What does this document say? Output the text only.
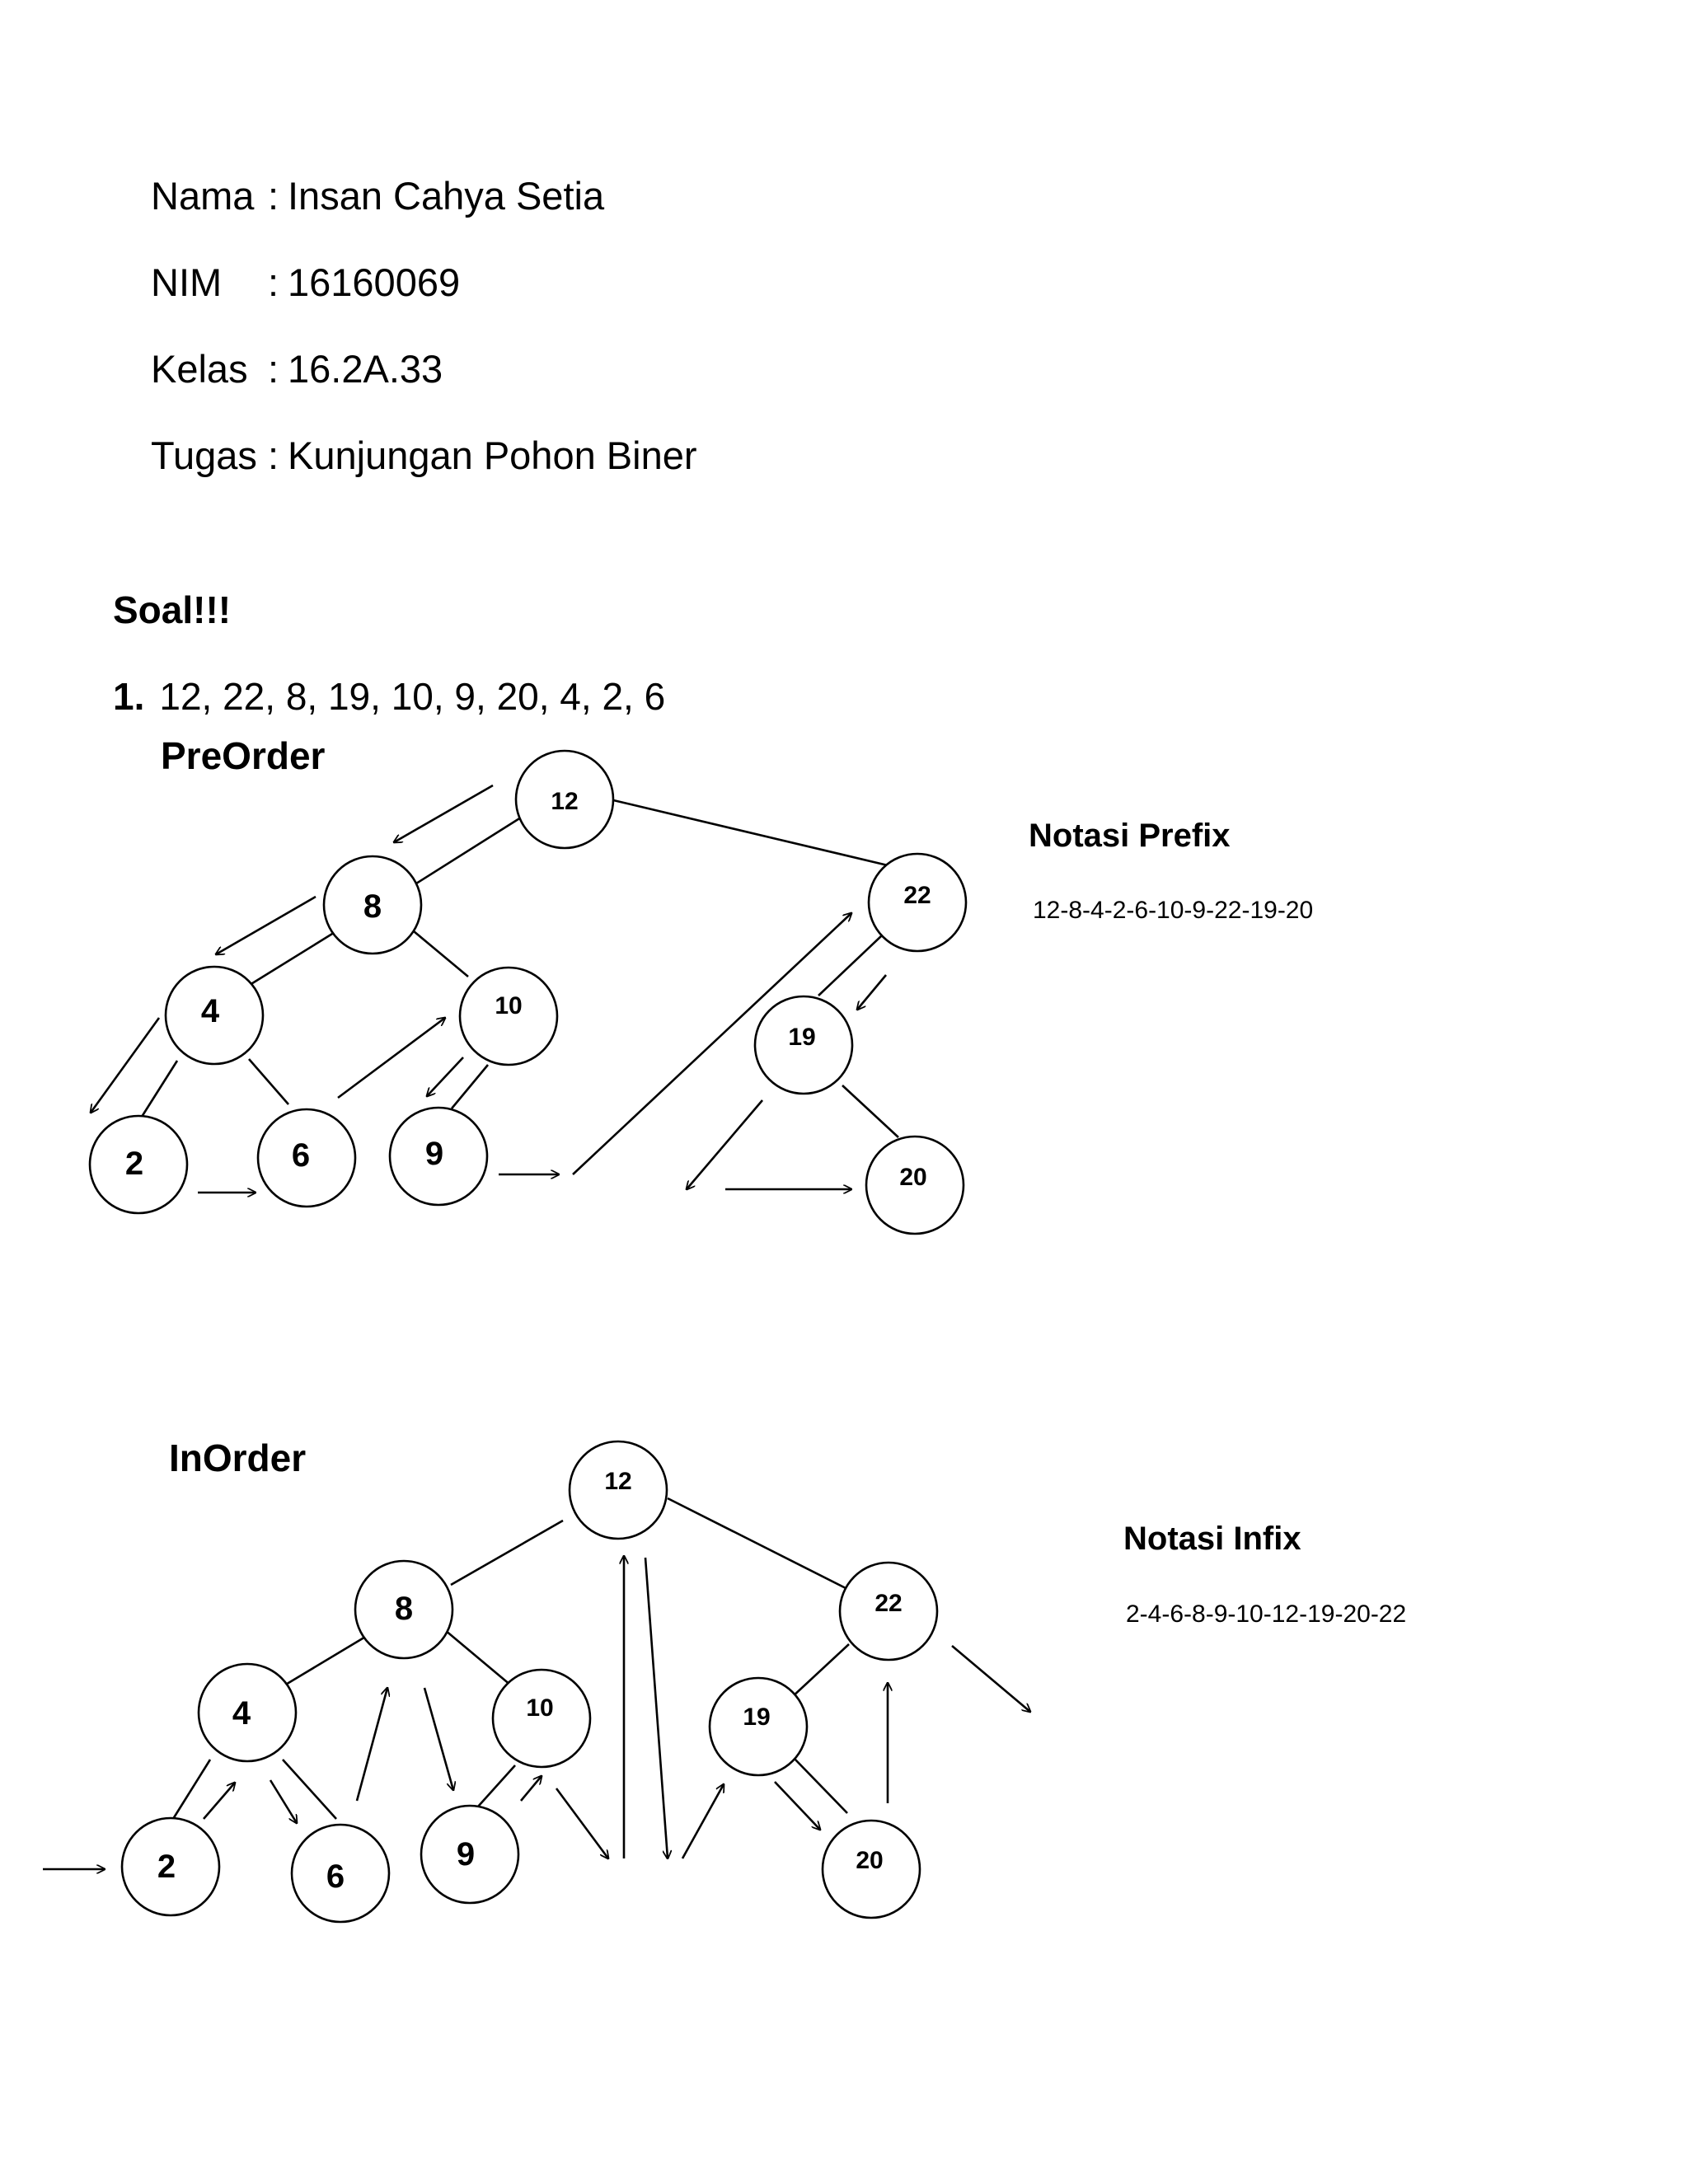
Nama : Insan Cahya Setia
NIM : 16160069
Kelas : 16.2A.33
Tugas : Kunjungan Pohon Biner
Soal!!!
1. 12, 22, 8, 19, 10, 9, 20, 4, 2, 6
PreOrder
Notasi Prefix
12-8-4-2-6-10-9-22-19-20
InOrder
Notasi Infix
2-4-6-8-9-10-12-19-20-22
12
8	22
4	10
19
2	6	9
20
12
8	22
4	10	19
2	6
9	20
